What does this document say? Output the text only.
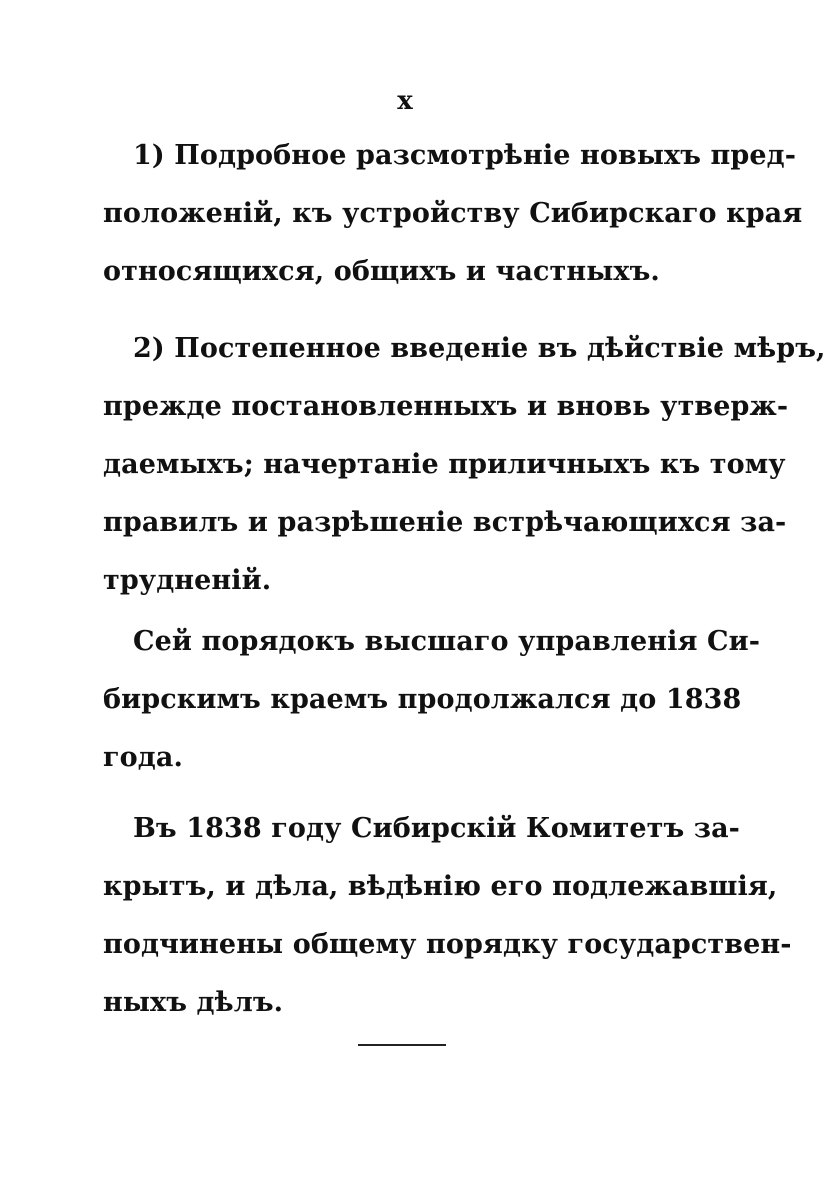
x
1) Подробное разсмотрѣніе новыхъ пред-
положеній, къ устройству Сибирскаго края
относящихся, общихъ и частныхъ.
2) Постепенное введеніе въ дѣйствіе мѣръ,
прежде постановленныхъ и вновь утверж-
даемыхъ; начертаніе приличныхъ къ тому
правилъ и разрѣшеніе встрѣчающихся за-
трудненій.
Сей порядокъ высшаго управленія Си-
бирскимъ краемъ продолжался до 1838
года.
Въ 1838 году Сибирскій Комитетъ за-
крытъ, и дѣла, вѣдѣнію его подлежавшія,
подчинены общему порядку государствен-
ныхъ дѣлъ.
